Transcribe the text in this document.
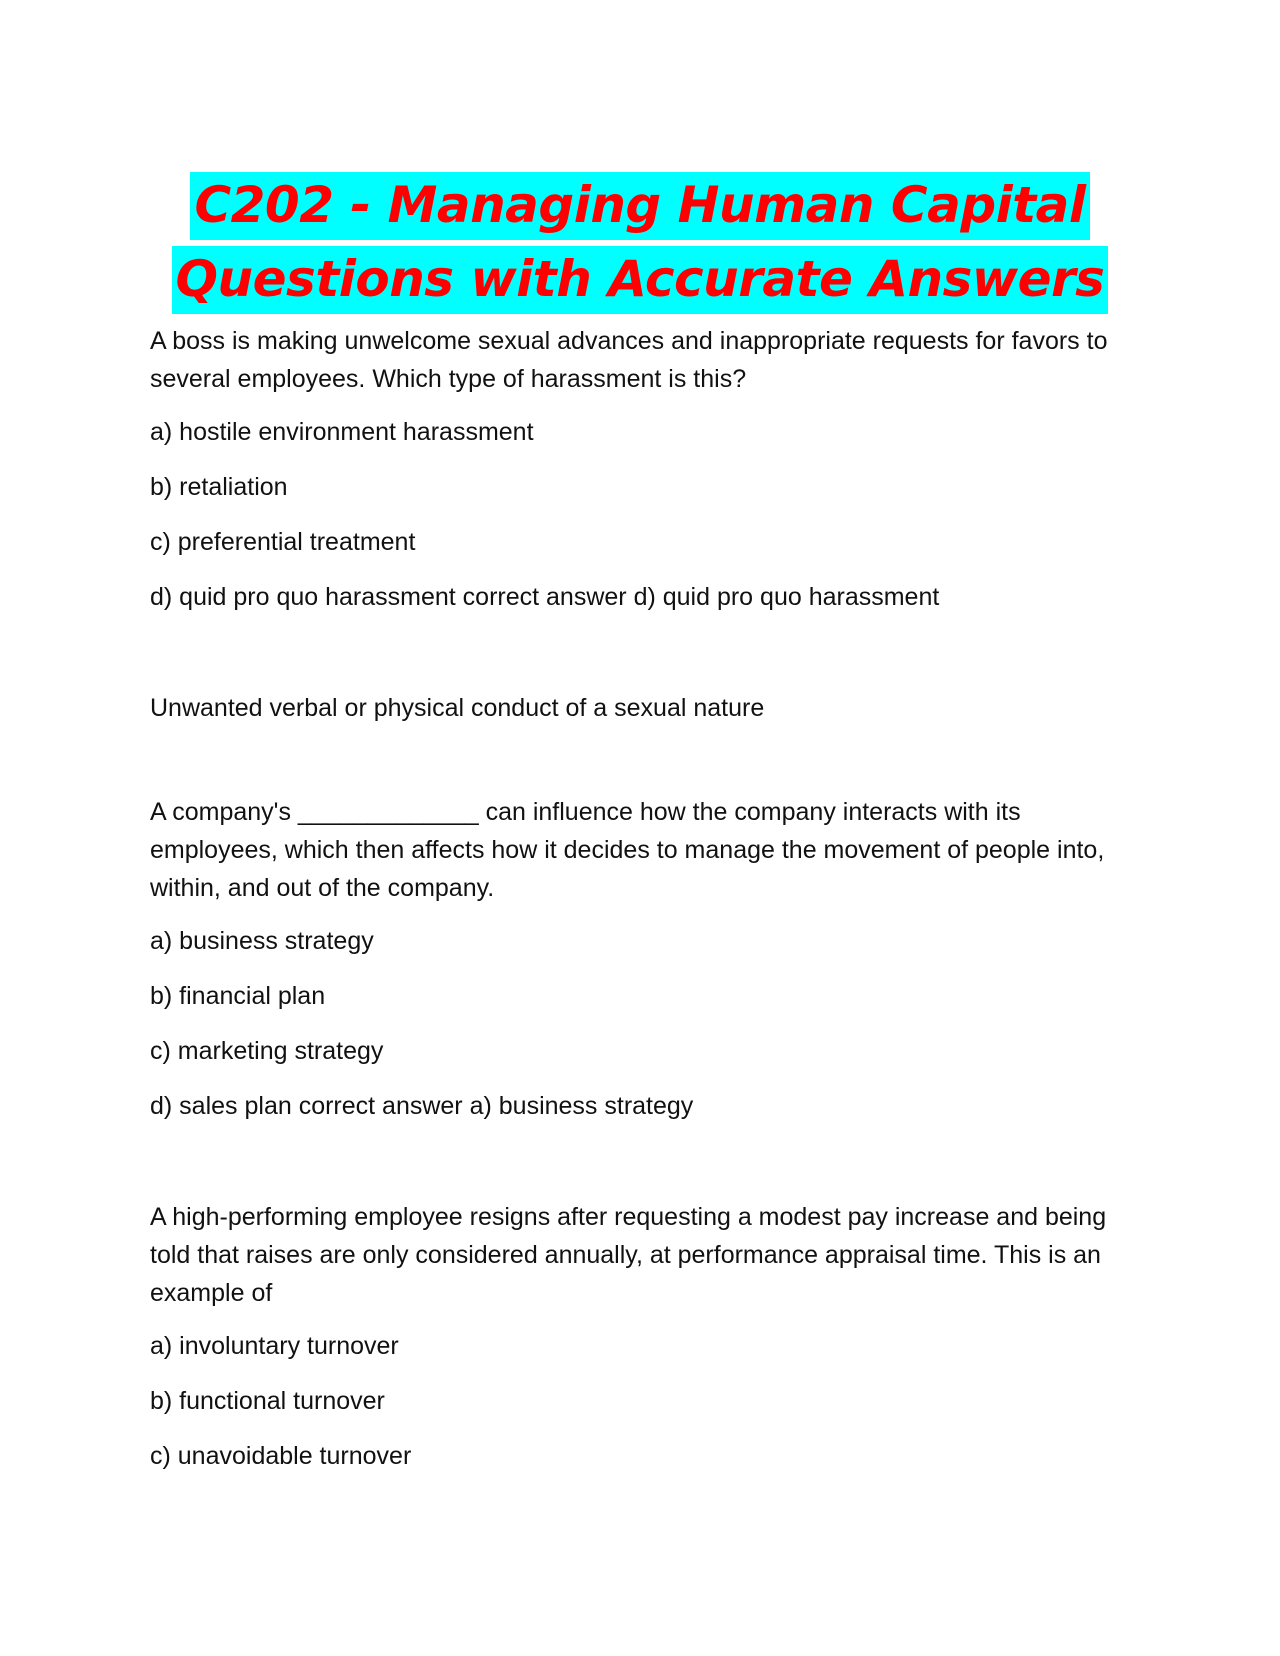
C202 - Managing Human Capital
Questions with Accurate Answers

A boss is making unwelcome sexual advances and inappropriate requests for favors to several employees. Which type of harassment is this?

a) hostile environment harassment

b) retaliation

c) preferential treatment

d) quid pro quo harassment correct answer d) quid pro quo harassment

Unwanted verbal or physical conduct of a sexual nature

A company's _____________ can influence how the company interacts with its employees, which then affects how it decides to manage the movement of people into, within, and out of the company.

a) business strategy

b) financial plan

c) marketing strategy

d) sales plan correct answer a) business strategy

A high-performing employee resigns after requesting a modest pay increase and being told that raises are only considered annually, at performance appraisal time. This is an example of

a) involuntary turnover

b) functional turnover

c) unavoidable turnover
